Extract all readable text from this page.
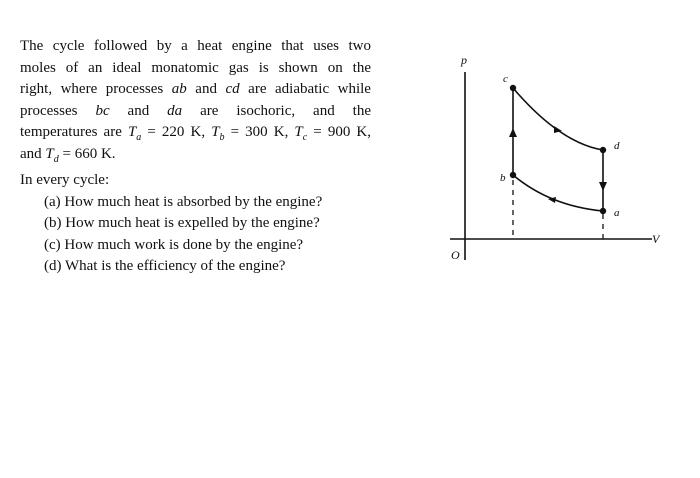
The cycle followed by a heat engine that uses two
moles of an ideal monatomic gas is shown on the
right, where processes ab and cd are adiabatic while
processes  bc  and  da  are  isochoric,  and  the
temperatures are $T_a = 220$ K, $T_b = 300$ K, $T_c = 900$ K,
and $T_d = 660$ K.

In every cycle:
(a) How much heat is absorbed by the engine?
(b) How much heat is expelled by the engine?
(c) How much work is done by the engine?
(d) What is the efficiency of the engine?
p
V
O
c
d
a
b
